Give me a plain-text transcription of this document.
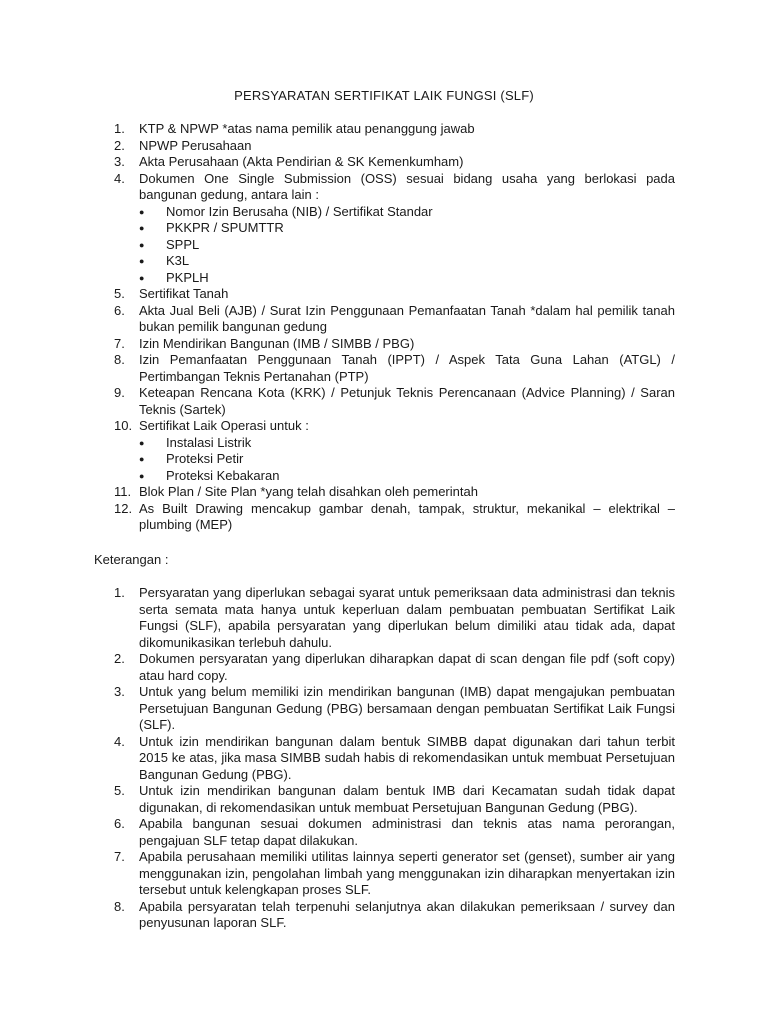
PERSYARATAN SERTIFIKAT LAIK FUNGSI (SLF)
1.	KTP & NPWP *atas nama pemilik atau penanggung jawab
2.	NPWP Perusahaan
3.	Akta Perusahaan (Akta Pendirian & SK Kemenkumham)
4.	Dokumen One Single Submission (OSS) sesuai bidang usaha yang berlokasi pada bangunan gedung, antara lain :
●	Nomor Izin Berusaha (NIB) / Sertifikat Standar
●	PKKPR / SPUMTTR
●	SPPL
●	K3L
●	PKPLH
5.	Sertifikat Tanah
6.	Akta Jual Beli (AJB) / Surat Izin Penggunaan Pemanfaatan Tanah *dalam hal pemilik tanah bukan pemilik bangunan gedung
7.	Izin Mendirikan Bangunan (IMB / SIMBB / PBG)
8.	Izin Pemanfaatan Penggunaan Tanah (IPPT) / Aspek Tata Guna Lahan (ATGL) / Pertimbangan Teknis Pertanahan (PTP)
9.	Keteapan Rencana Kota (KRK) / Petunjuk Teknis Perencanaan (Advice Planning) / Saran Teknis (Sartek)
10. Sertifikat Laik Operasi untuk :
●	Instalasi Listrik
●	Proteksi Petir
●	Proteksi Kebakaran
11. Blok Plan / Site Plan *yang telah disahkan oleh pemerintah
12. As Built Drawing mencakup gambar denah, tampak, struktur, mekanikal – elektrikal – plumbing (MEP)
Keterangan :
1.	Persyaratan yang diperlukan sebagai syarat untuk pemeriksaan data administrasi dan teknis serta semata mata hanya untuk keperluan dalam pembuatan pembuatan Sertifikat Laik Fungsi (SLF), apabila persyaratan yang diperlukan belum dimiliki atau tidak ada, dapat dikomunikasikan terlebuh dahulu.
2.	Dokumen persyaratan yang diperlukan diharapkan dapat di scan dengan file pdf (soft copy) atau hard copy.
3.	Untuk yang belum memiliki izin mendirikan bangunan (IMB) dapat mengajukan pembuatan Persetujuan Bangunan Gedung (PBG) bersamaan dengan pembuatan Sertifikat Laik Fungsi (SLF).
4.	Untuk izin mendirikan bangunan dalam bentuk SIMBB dapat digunakan dari tahun terbit 2015 ke atas, jika masa SIMBB sudah habis di rekomendasikan untuk membuat Persetujuan Bangunan Gedung (PBG).
5.	Untuk izin mendirikan bangunan dalam bentuk IMB dari Kecamatan sudah tidak dapat digunakan, di rekomendasikan untuk membuat Persetujuan Bangunan Gedung (PBG).
6.	Apabila bangunan sesuai dokumen administrasi dan teknis atas nama perorangan, pengajuan SLF tetap dapat dilakukan.
7.	Apabila perusahaan memiliki utilitas lainnya seperti generator set (genset), sumber air yang menggunakan izin, pengolahan limbah yang menggunakan izin diharapkan menyertakan izin tersebut untuk kelengkapan proses SLF.
8.	Apabila persyaratan telah terpenuhi selanjutnya akan dilakukan pemeriksaan / survey dan penyusunan laporan SLF.
